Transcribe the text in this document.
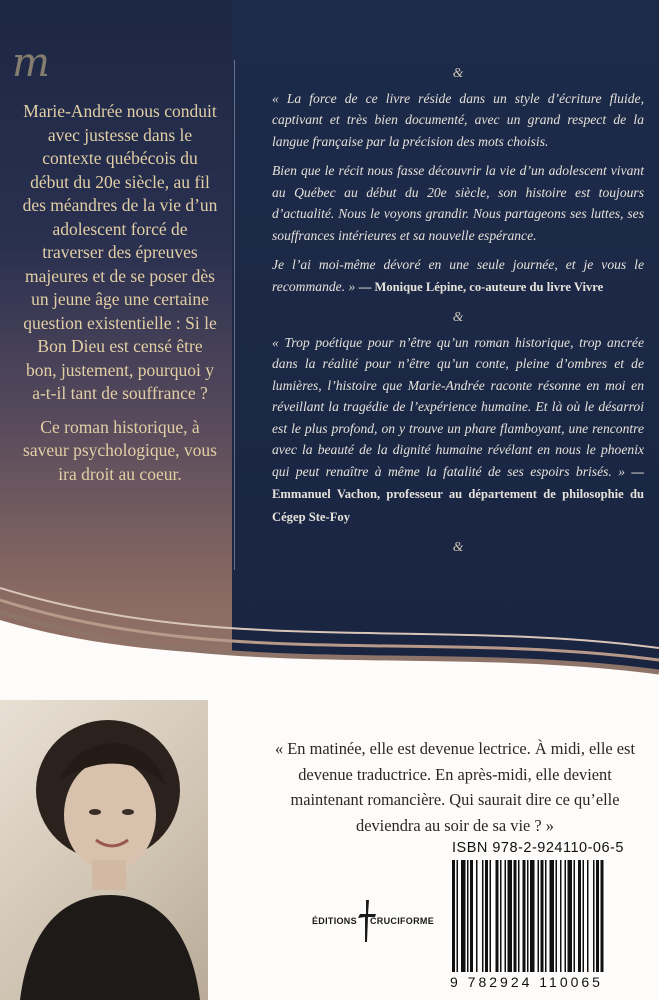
m

Marie-Andrée nous conduit avec justesse dans le contexte québécois du début du 20e siècle, au fil des méandres de la vie d’un adolescent forcé de traverser des épreuves majeures et de se poser dès un jeune âge une certaine question existentielle : Si le Bon Dieu est censé être bon, justement, pourquoi y a-t-il tant de souffrance ?

Ce roman historique, à saveur psychologique, vous ira droit au coeur.

&

« La force de ce livre réside dans un style d’écriture fluide, captivant et très bien documenté, avec un grand respect de la langue française par la précision des mots choisis.

Bien que le récit nous fasse découvrir la vie d’un adolescent vivant au Québec au début du 20e siècle, son histoire est toujours d’actualité. Nous le voyons grandir. Nous partageons ses luttes, ses souffrances intérieures et sa nouvelle espérance.

Je l’ai moi-même dévoré en une seule journée, et je vous le recommande. » — Monique Lépine, co-auteure du livre Vivre

&

« Trop poétique pour n’être qu’un roman historique, trop ancrée dans la réalité pour n’être qu’un conte, pleine d’ombres et de lumières, l’histoire que Marie-Andrée raconte résonne en moi en réveillant la tragédie de l’expérience humaine. Et là où le désarroi est le plus profond, on y trouve un phare flamboyant, une rencontre avec la beauté de la dignité humaine révélant en nous le phoenix qui peut renaître à même la fatalité de ses espoirs brisés. » — Emmanuel Vachon, professeur au département de philosophie du Cégep Ste-Foy

&
« En matinée, elle est devenue lectrice. À midi, elle est devenue traductrice. En après-midi, elle devient maintenant romancière. Qui saurait dire ce qu’elle deviendra au soir de sa vie ? »
ÉDITIONS CRUCIFORME
ISBN 978-2-924110-06-5
9 782924 110065
